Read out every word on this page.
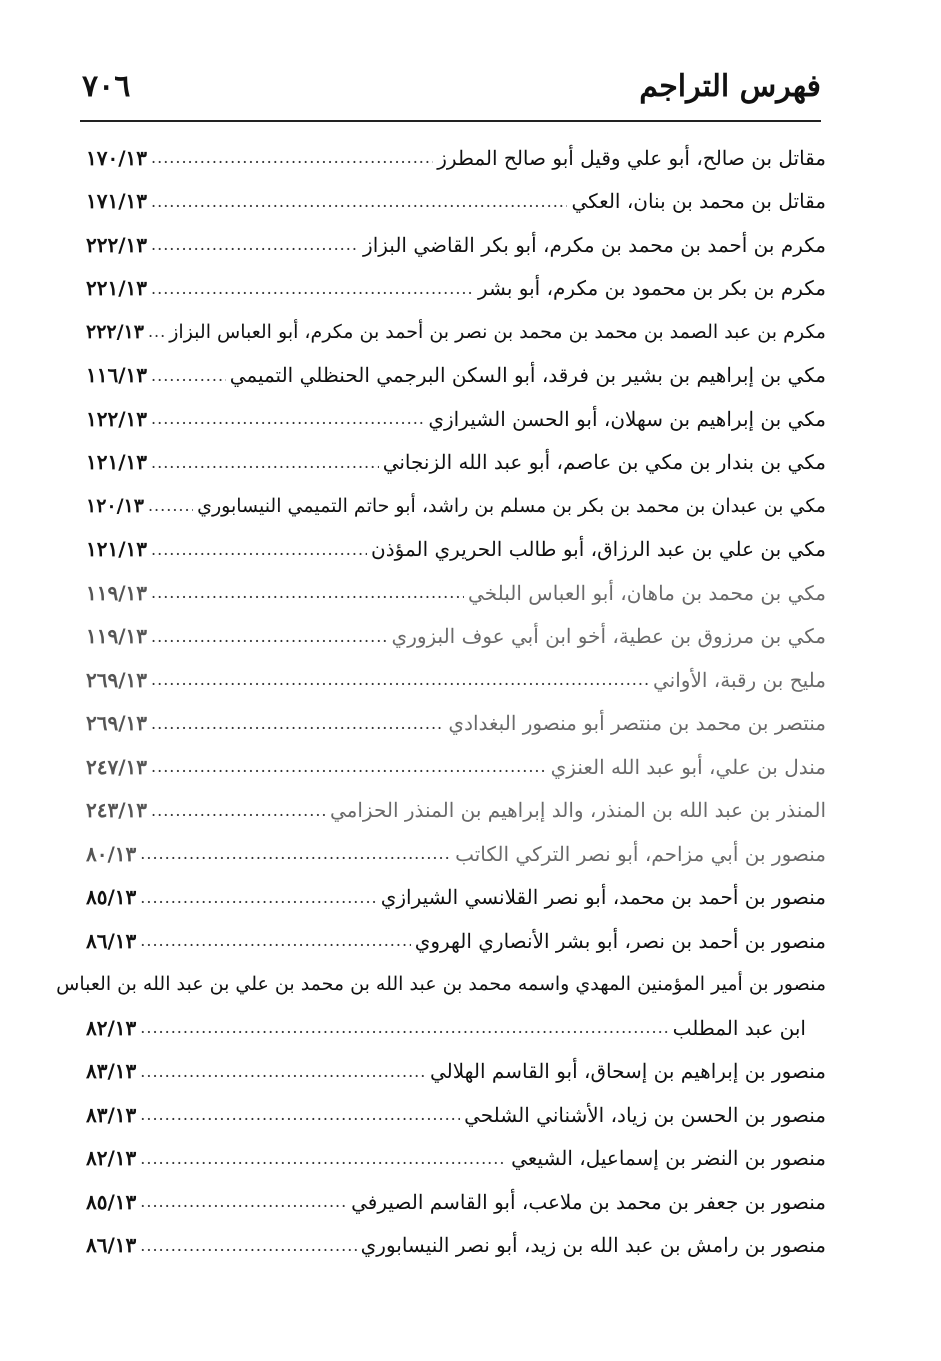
٧٠٦	فهرس التراجم
مقاتل بن صالح، أبو علي وقيل أبو صالح المطرز
.....
١٧٠/١٣
مقاتل بن محمد بن بنان، العكي
.....
١٧١/١٣
مكرم بن أحمد بن محمد بن مكرم، أبو بكر القاضي البزاز
.....
٢٢٢/١٣
مكرم بن بكر بن محمود بن مكرم، أبو بشر
.....
٢٢١/١٣
مكرم بن عبد الصمد بن محمد بن محمد بن نصر بن أحمد بن مكرم، أبو العباس البزاز
.....
٢٢٢/١٣
مكي بن إبراهيم بن بشير بن فرقد، أبو السكن البرجمي الحنظلي التميمي
.....
١١٦/١٣
مكي بن إبراهيم بن سهلان، أبو الحسن الشيرازي
.....
١٢٢/١٣
مكي بن بندار بن مكي بن عاصم، أبو عبد الله الزنجاني
.....
١٢١/١٣
مكي بن عبدان بن محمد بن بكر بن مسلم بن راشد، أبو حاتم التميمي النيسابوري
.....
١٢٠/١٣
مكي بن علي بن عبد الرزاق، أبو طالب الحريري المؤذن
.....
١٢١/١٣
مكي بن محمد بن ماهان، أبو العباس البلخي
.....
١١٩/١٣
مكي بن مرزوق بن عطية، أخو ابن أبي عوف البزوري
.....
١١٩/١٣
مليح بن رقبة، الأواني
.....
٢٦٩/١٣
منتصر بن محمد بن منتصر أبو منصور البغدادي
.....
٢٦٩/١٣
مندل بن علي، أبو عبد الله العنزي
.....
٢٤٧/١٣
المنذر بن عبد الله بن المنذر، والد إبراهيم بن المنذر الحزامي
.....
٢٤٣/١٣
منصور بن أبي مزاحم، أبو نصر التركي الكاتب
.....
٨٠/١٣
منصور بن أحمد بن محمد، أبو نصر القلانسي الشيرازي
.....
٨٥/١٣
منصور بن أحمد بن نصر، أبو بشر الأنصاري الهروي
.....
٨٦/١٣
منصور بن أمير المؤمنين المهدي واسمه محمد بن عبد الله بن محمد بن علي بن عبد الله بن العباس
ابن عبد المطلب
.....
٨٢/١٣
منصور بن إبراهيم بن إسحاق، أبو القاسم الهلالي
.....
٨٣/١٣
منصور بن الحسن بن زياد، الأشناني الشلحي
.....
٨٣/١٣
منصور بن النضر بن إسماعيل، الشيعي
.....
٨٢/١٣
منصور بن جعفر بن محمد بن ملاعب، أبو القاسم الصيرفي
.....
٨٥/١٣
منصور بن رامش بن عبد الله بن زيد، أبو نصر النيسابوري
.....
٨٦/١٣
